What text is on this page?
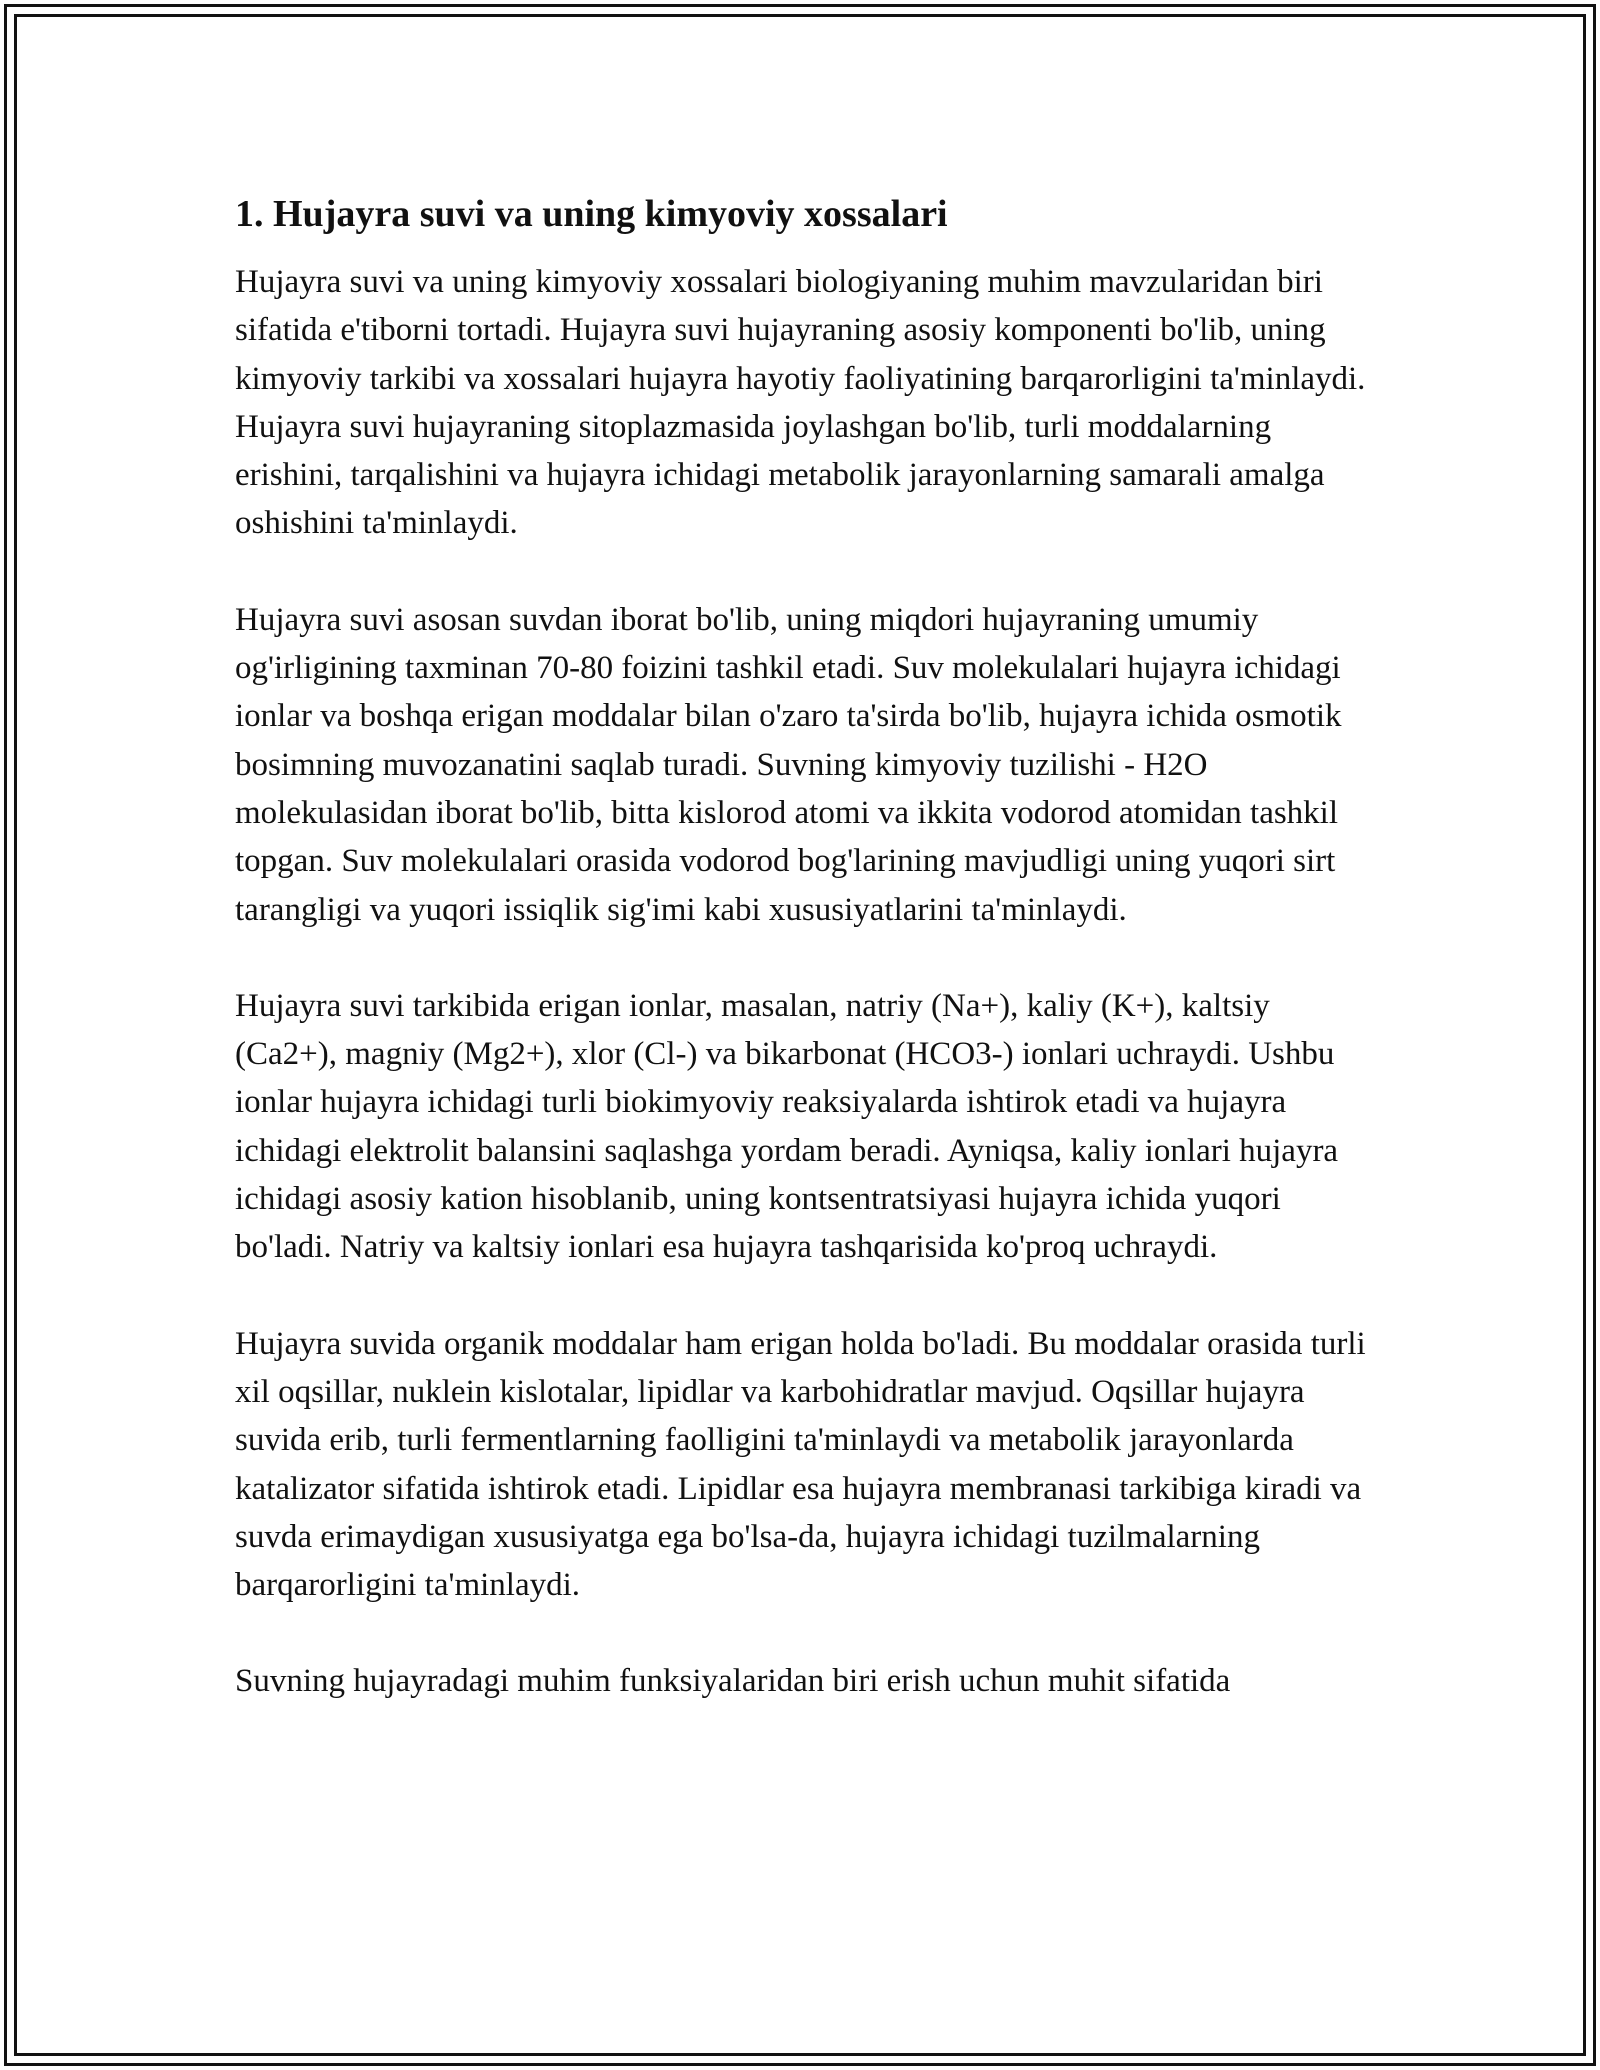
1. Hujayra suvi va uning kimyoviy xossalari

Hujayra suvi va uning kimyoviy xossalari biologiyaning muhim mavzularidan biri sifatida e'tiborni tortadi. Hujayra suvi hujayraning asosiy komponenti bo'lib, uning kimyoviy tarkibi va xossalari hujayra hayotiy faoliyatining barqarorligini ta'minlaydi. Hujayra suvi hujayraning sitoplazmasida joylashgan bo'lib, turli moddalarning erishini, tarqalishini va hujayra ichidagi metabolik jarayonlarning samarali amalga oshishini ta'minlaydi.

Hujayra suvi asosan suvdan iborat bo'lib, uning miqdori hujayraning umumiy og'irligining taxminan 70-80 foizini tashkil etadi. Suv molekulalari hujayra ichidagi ionlar va boshqa erigan moddalar bilan o'zaro ta'sirda bo'lib, hujayra ichida osmotik bosimning muvozanatini saqlab turadi. Suvning kimyoviy tuzilishi - H2O molekulasidan iborat bo'lib, bitta kislorod atomi va ikkita vodorod atomidan tashkil topgan. Suv molekulalari orasida vodorod bog'larining mavjudligi uning yuqori sirt tarangligi va yuqori issiqlik sig'imi kabi xususiyatlarini ta'minlaydi.

Hujayra suvi tarkibida erigan ionlar, masalan, natriy (Na+), kaliy (K+), kaltsiy (Ca2+), magniy (Mg2+), xlor (Cl-) va bikarbonat (HCO3-) ionlari uchraydi. Ushbu ionlar hujayra ichidagi turli biokimyoviy reaksiyalarda ishtirok etadi va hujayra ichidagi elektrolit balansini saqlashga yordam beradi. Ayniqsa, kaliy ionlari hujayra ichidagi asosiy kation hisoblanib, uning kontsentratsiyasi hujayra ichida yuqori bo'ladi. Natriy va kaltsiy ionlari esa hujayra tashqarisida ko'proq uchraydi.

Hujayra suvida organik moddalar ham erigan holda bo'ladi. Bu moddalar orasida turli xil oqsillar, nuklein kislotalar, lipidlar va karbohidratlar mavjud. Oqsillar hujayra suvida erib, turli fermentlarning faolligini ta'minlaydi va metabolik jarayonlarda katalizator sifatida ishtirok etadi. Lipidlar esa hujayra membranasi tarkibiga kiradi va suvda erimaydigan xususiyatga ega bo'lsa-da, hujayra ichidagi tuzilmalarning barqarorligini ta'minlaydi.

Suvning hujayradagi muhim funksiyalaridan biri erish uchun muhit sifatida
